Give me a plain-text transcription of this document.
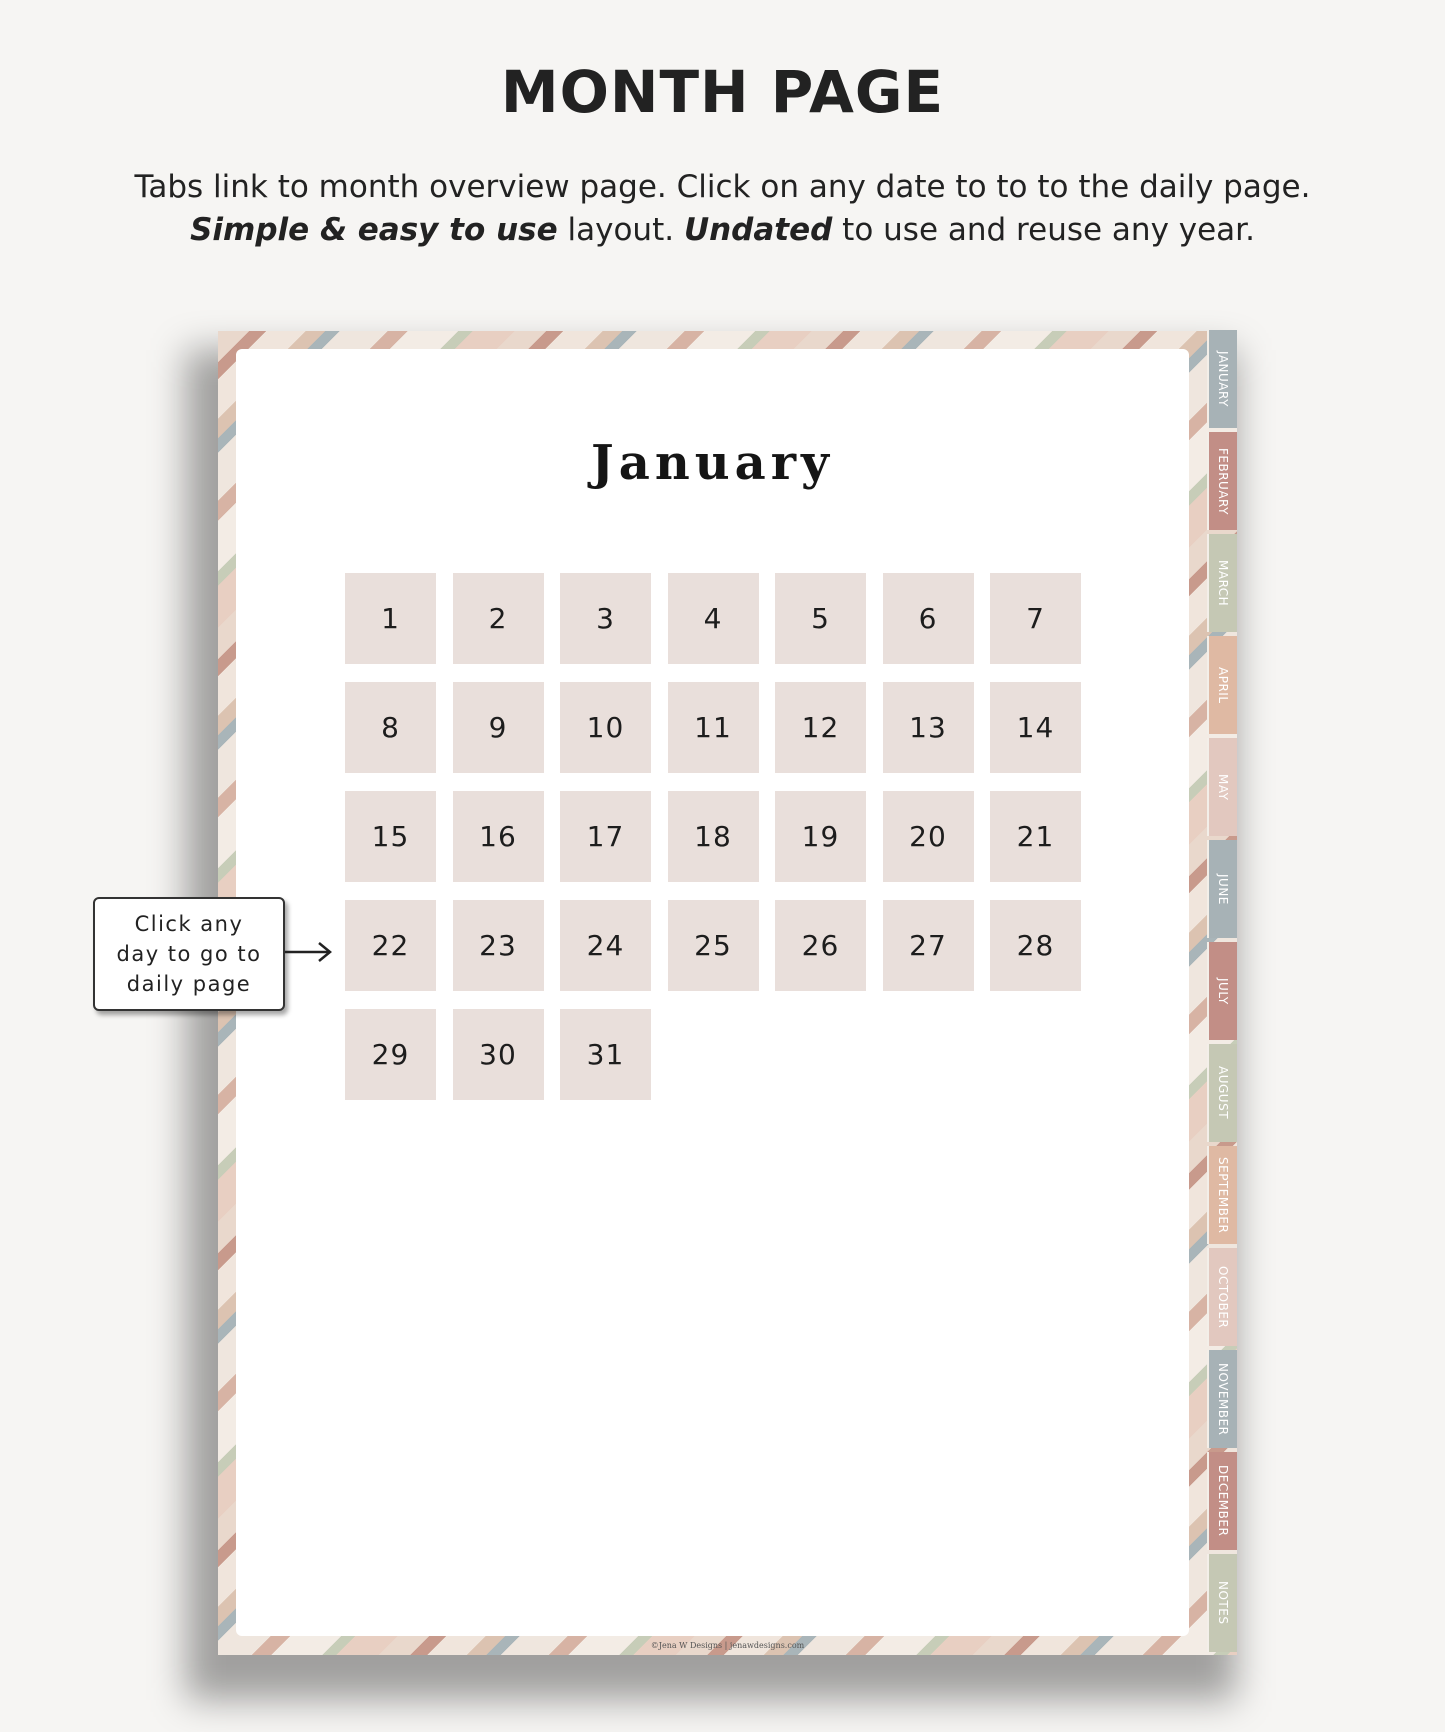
MONTH PAGE
Tabs link to month overview page. Click on any date to to to the daily page.
Simple & easy to use layout. Undated to use and reuse any year.
January
1	2	3	4	5	6	7
8	9	10	11	12	13	14
15	16	17	18	19	20	21
22	23	24	25	26	27	28
29	30	31
©Jena W Designs | jenawdesigns.com
JANUARY
FEBRUARY
MARCH
APRIL
MAY
JUNE
JULY
AUGUST
SEPTEMBER
OCTOBER
NOVEMBER
DECEMBER
NOTES
Click any
day to go to
daily page
